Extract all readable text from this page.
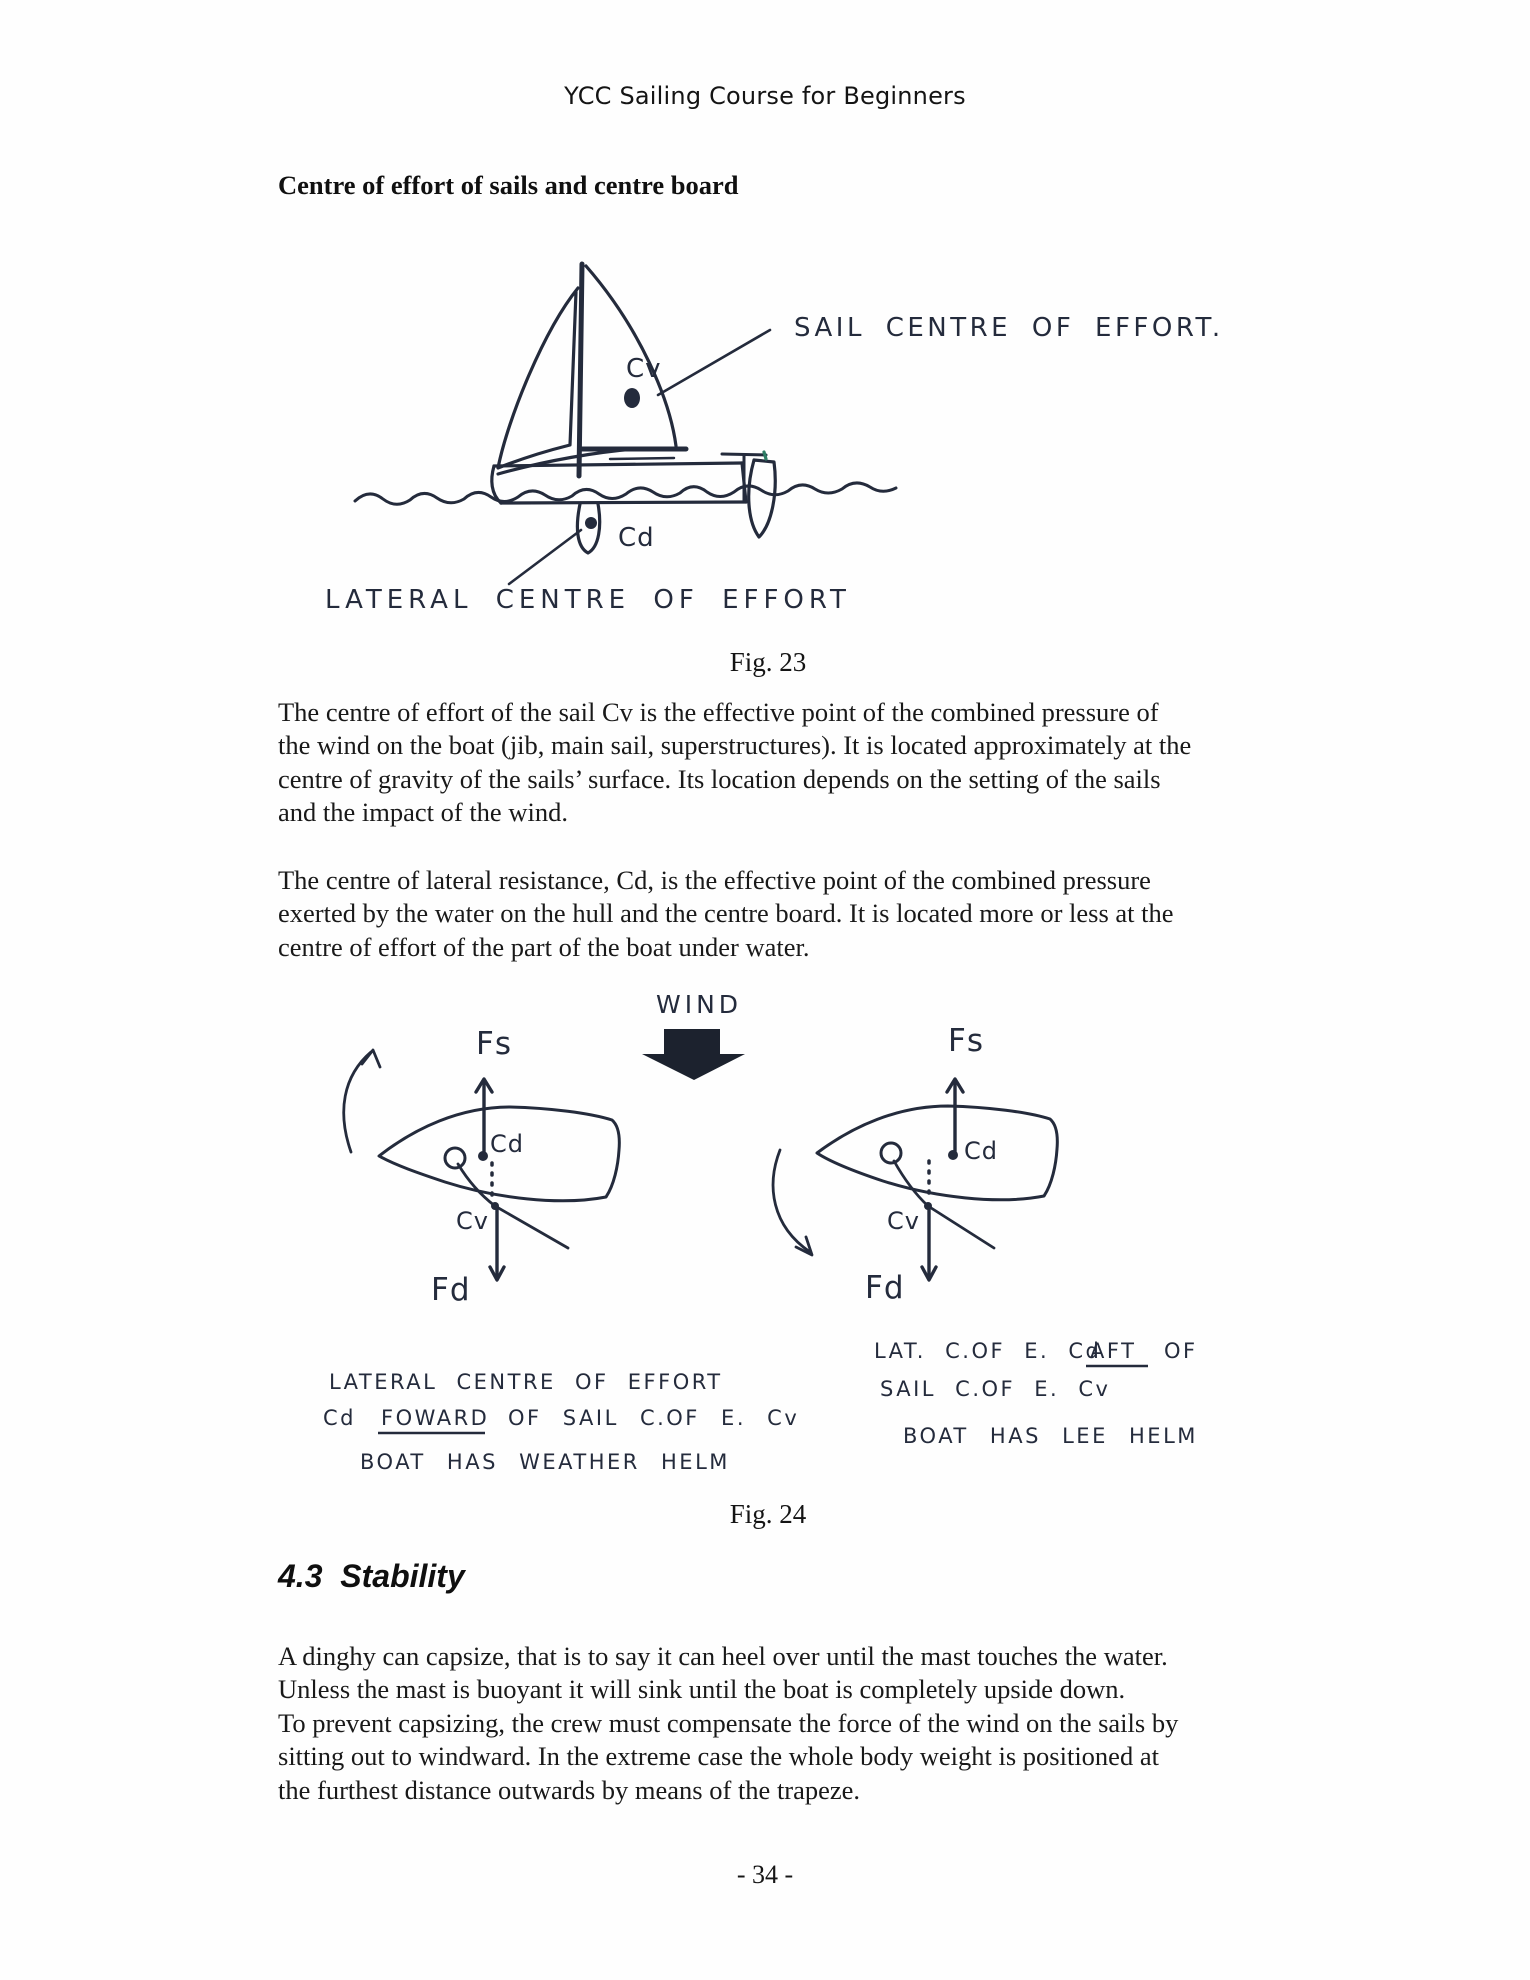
YCC Sailing Course for Beginners
Centre of effort of sails and centre board
Cv
Cd
SAIL CENTRE OF EFFORT.
LATERAL CENTRE OF EFFORT
Fig. 23
The centre of effort of the sail Cv is the effective point of the combined pressure of
the wind on the boat (jib, main sail, superstructures). It is located approximately at the
centre of gravity of the sails’ surface. Its location depends on the setting of the sails
and the impact of the wind.
The centre of lateral resistance, Cd, is the effective point of the combined pressure
exerted by the water on the hull and the centre board. It is located more or less at the
centre of effort of the part of the boat under water.
WIND
Fs
Cd
Cv
Fd
LATERAL CENTRE OF EFFORT
Cd FOWARD OF SAIL C.OF E. Cv
BOAT HAS WEATHER HELM
Fs
Cd
Cv
Fd
LAT. C.OF E. Cd
AFT OF
SAIL C.OF E. Cv
BOAT HAS LEE HELM
Fig. 24
4.3  Stability
A dinghy can capsize, that is to say it can heel over until the mast touches the water.
Unless the mast is buoyant it will sink until the boat is completely upside down.
To prevent capsizing, the crew must compensate the force of the wind on the sails by
sitting out to windward. In the extreme case the whole body weight is positioned at
the furthest distance outwards by means of the trapeze.
- 34 -
